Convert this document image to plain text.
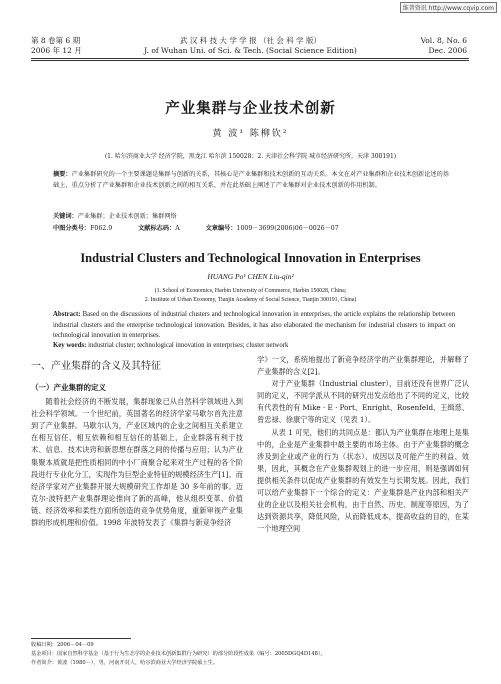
维普资讯 http://www.cqvip.com
第 8 卷第 6 期
2006 年 12 月
武 汉 科 技 大 学 学 报 （社 会 科 学 版）
J. of Wuhan Uni. of Sci. & Tech. (Social Science Edition)
Vol. 8, No. 6
Dec. 2006
产业集群与企业技术创新
黄 波¹ 陈柳钦²
(1. 哈尔滨商业大学 经济学院，黑龙江 哈尔滨 150028；2. 天津社会科学院 城市经济研究所，天津 300191)
摘要：产业集群研究的一个主要课题是集群与创新的关系，其核心是产业集群和技术创新的互动关系。本文在对产业集群和企业技术创新论述的基础上，重点分析了产业集群和企业技术创新之间的相互关系，并在此基础上阐述了产业集群对企业技术创新的作用机制。
关键词：产业集群；企业技术创新；集群网络
中图分类号：F062.9	文献标志码：A	文章编号：1009－3699(2006)06－0026－07
Industrial Clusters and Technological Innovation in Enterprises
HUANG Po¹ CHEN Liu-qin²
(1. School of Economics, Harbin University of Commerce, Harbin 150028, China;
2. Institute of Urban Economy, Tianjin Academy of Social Science, Tianjin 300191, China)
Abstract: Based on the discussions of industrial clusters and technological innovation in enterprises, the article explains the relationship between industrial clusters and the enterprise technological innovation. Besides, it has also elaborated the mechanism for industrial clusters to impact on technological innovation in enterprises.
Key words: industrial cluster; technological innovation in enterprises; cluster network
一、产业集群的含义及其特征
（一）产业集群的定义

随着社会经济的不断发展，集群现象已从自然科学领域进入到社会科学领域。一个世纪前，英国著名的经济学家马歇尔首先注意到了产业集群。马歇尔认为，产业区域内的企业之间相互关系建立在相互信任、相互依赖和相互信任的基础上，企业群落有利于技术、信息、技术诀窍和新思想在群落之间的传播与应用；认为产业集聚本质就是把性质相同的中小厂商聚合起来对生产过程的各个阶段进行专业化分工，实现作为巨型企业特征的规模经济生产[1]。而经济学家对产业集群开展大规模研究工作却是 30 多年前的事。迈克尔·波特把产业集群理论推向了新的高峰，他从组织变革、价值链、经济效率和柔性方面所创造的竞争优势角度，重新审视产业集群的形成机理和价值。1998 年波特发表了《集群与新竞争经济

学》一文，系统地提出了新竞争经济学的产业集群理论，并解释了产业集群的含义[2]。

对于产业集群（Industrial cluster），目前还没有世界广泛认同的定义，不同学派从不同的研究出发点给出了不同的定义，比较有代表性的有 Mike · E · Port、Enright、Rosenfeld、王缉慈、曾忠禄、徐康宁等的定义（见表 1）。

从表 1 可见，他们的共同点是：都认为产业集群在地理上是集中的，企业是产业集群中最主要的市场主体。由于产业集群的概念涉及到企业或产业的行为（状态）、成因以及可能产生的利益、效果，因此，其概念在产业集群观划上的进一步应用，则是强调如何提供相关条件以促成产业集群的有效发生与长期发展。因此，我们可以给产业集群下一个综合的定义：产业集群是产业内部和相关产业的企业以及相关社会机构，由于自然、历史、制度等原因，为了达到资源共享，降低风险，从而降低成本，提高收益的目的，在某一个地理空间

收稿日期：2006－04－09
基金项目：国家自然科学基金（基于行为生态学的企业技术创新集群行为研究）的部分阶段性成果（编号：2005DGQ4D148）。
作者简介：黄波（1980－），男，河南开封人，哈尔滨商业大学经济学院硕士生。
